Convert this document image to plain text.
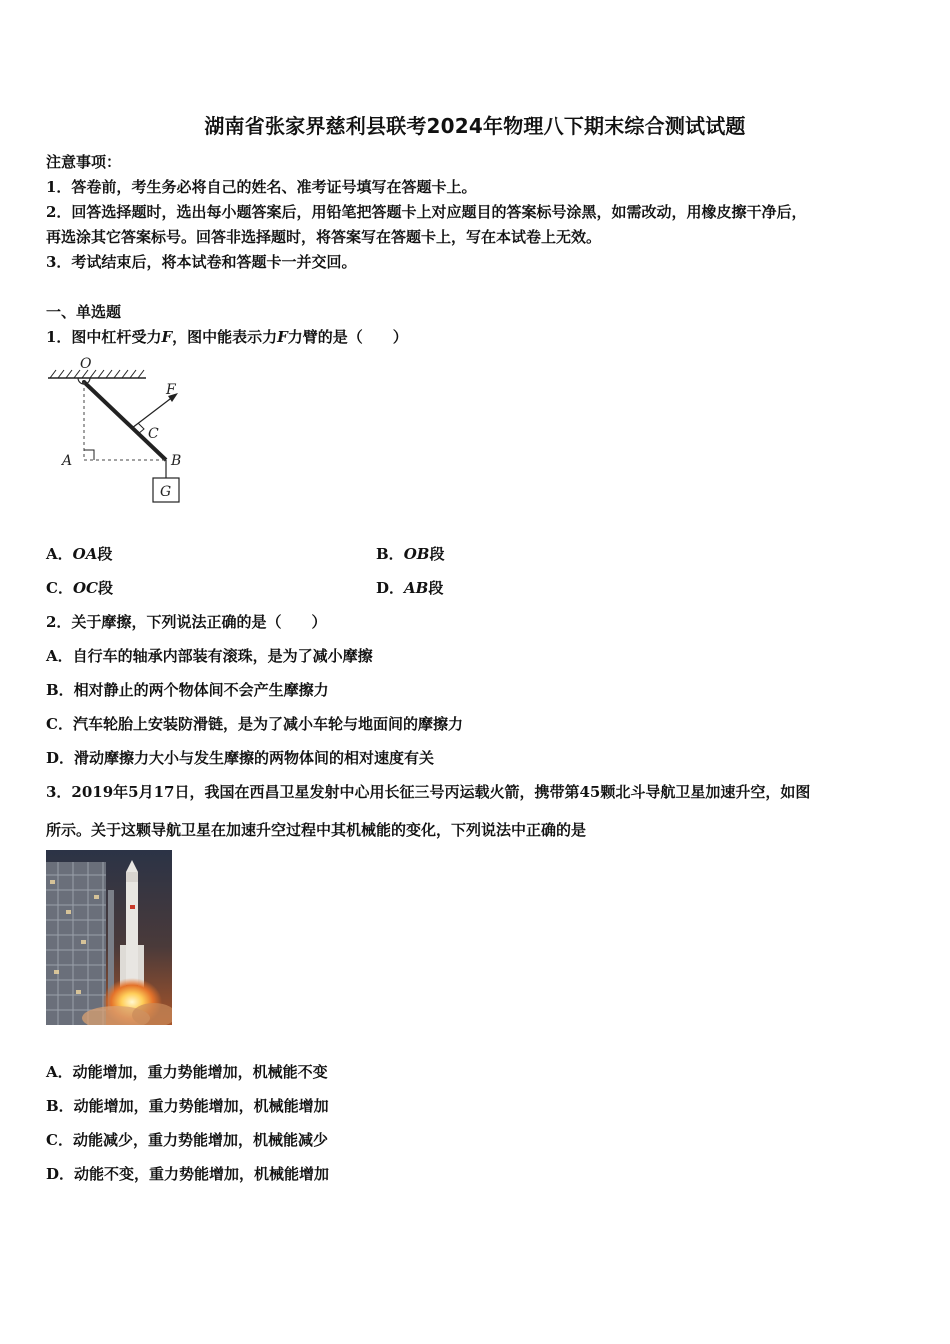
湖南省张家界慈利县联考2024年物理八下期末综合测试试题
注意事项：
1．答卷前，考生务必将自己的姓名、准考证号填写在答题卡上。
2．回答选择题时，选出每小题答案后，用铅笔把答题卡上对应题目的答案标号涂黑，如需改动，用橡皮擦干净后，
再选涂其它答案标号。回答非选择题时，将答案写在答题卡上，写在本试卷上无效。
3．考试结束后，将本试卷和答题卡一并交回。
一、单选题
1．图中杠杆受力F，图中能表示力F力臂的是（　　）
O
F
C
A	B
G
A．OA段	B．OB段
C．OC段	D．AB段
2．关于摩擦，下列说法正确的是（　　）
A．自行车的轴承内部装有滚珠，是为了减小摩擦
B．相对静止的两个物体间不会产生摩擦力
C．汽车轮胎上安装防滑链，是为了减小车轮与地面间的摩擦力
D．滑动摩擦力大小与发生摩擦的两物体间的相对速度有关
3．2019年5月17日，我国在西昌卫星发射中心用长征三号丙运载火箭，携带第45颗北斗导航卫星加速升空，如图
所示。关于这颗导航卫星在加速升空过程中其机械能的变化，下列说法中正确的是
A．动能增加，重力势能增加，机械能不变
B．动能增加，重力势能增加，机械能增加
C．动能减少，重力势能增加，机械能减少
D．动能不变，重力势能增加，机械能增加
